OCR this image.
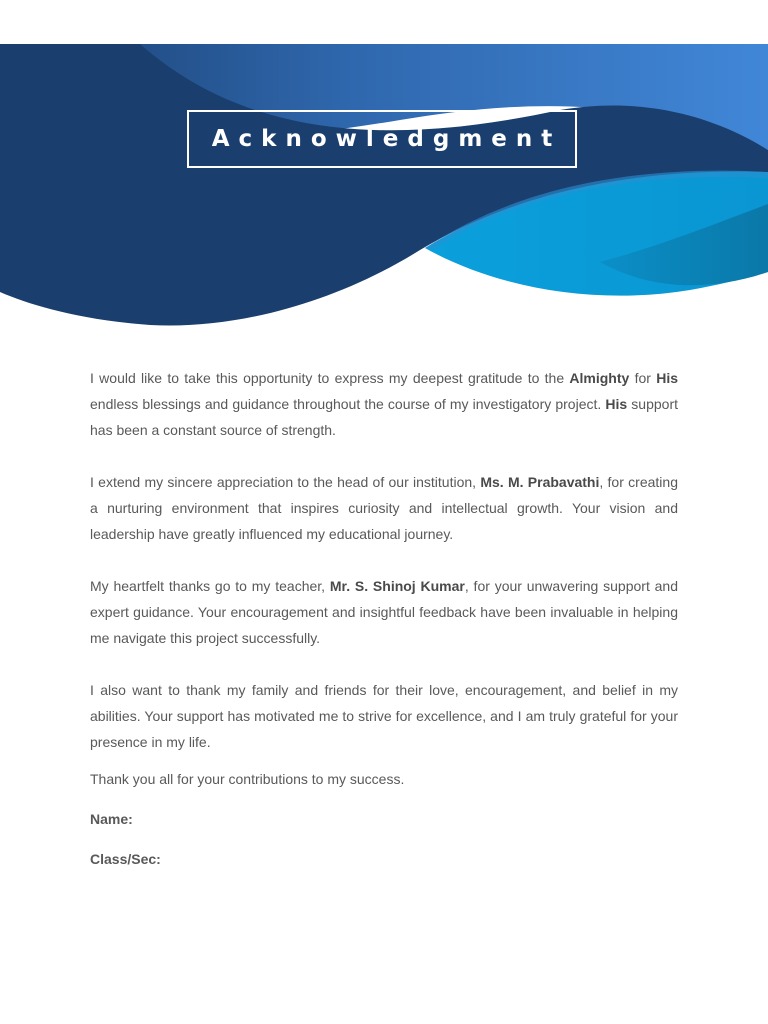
Acknowledgment

I would like to take this opportunity to express my deepest gratitude to the Almighty for His endless blessings and guidance throughout the course of my investigatory project. His support has been a constant source of strength.

I extend my sincere appreciation to the head of our institution, Ms. M. Prabavathi, for creating a nurturing environment that inspires curiosity and intellectual growth. Your vision and leadership have greatly influenced my educational journey.

My heartfelt thanks go to my teacher, Mr. S. Shinoj Kumar, for your unwavering support and expert guidance. Your encouragement and insightful feedback have been invaluable in helping me navigate this project successfully.

I also want to thank my family and friends for their love, encouragement, and belief in my abilities. Your support has motivated me to strive for excellence, and I am truly grateful for your presence in my life.

Thank you all for your contributions to my success.

Name:

Class/Sec:
